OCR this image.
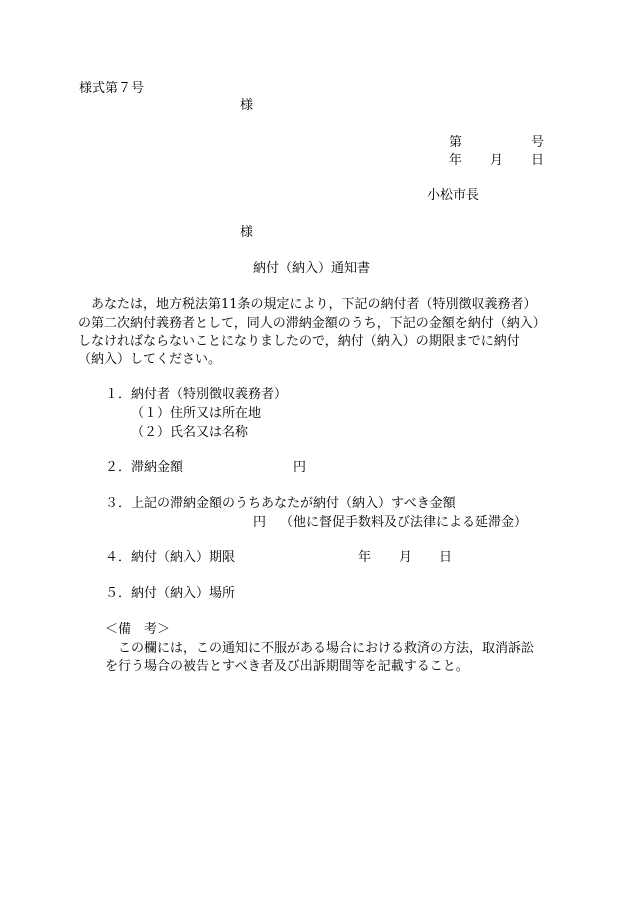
様式第７号
様
第	号
年 月 日
小松市長
様
納付（納入）通知書
　あなたは，地方税法第11条の規定により，下記の納付者（特別徴収義務者）
の第二次納付義務者として，同人の滞納金額のうち，下記の金額を納付（納入）
しなければならないことになりましたので，納付（納入）の期限までに納付
（納入）してください。
１．納付者（特別徴収義務者）
（１）住所又は所在地
（２）氏名又は名称
２．滞納金額	円
３．上記の滞納金額のうちあなたが納付（納入）すべき金額
円 （他に督促手数料及び法律による延滞金）
４．納付（納入）期限	年 月 日
５．納付（納入）場所
＜備　考＞
　この欄には，この通知に不服がある場合における救済の方法，取消訴訟
を行う場合の被告とすべき者及び出訴期間等を記載すること。
